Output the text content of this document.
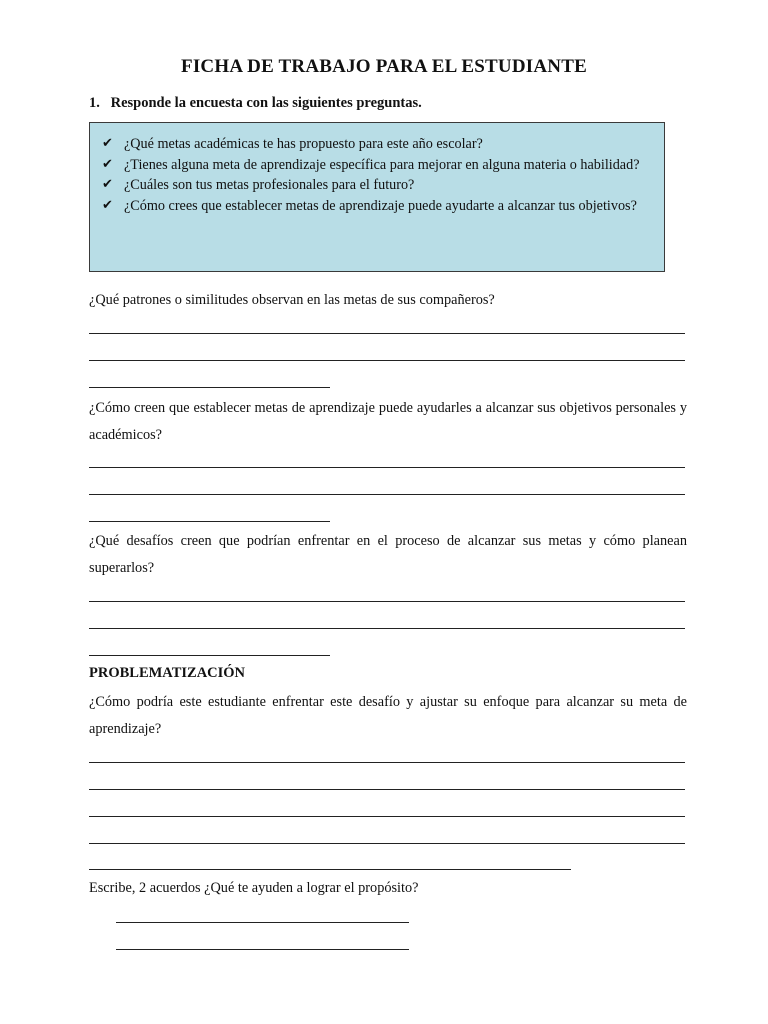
FICHA DE TRABAJO PARA EL ESTUDIANTE
1. Responde la encuesta con las siguientes preguntas.
✔ ¿Qué metas académicas te has propuesto para este año escolar?
✔ ¿Tienes alguna meta de aprendizaje específica para mejorar en alguna materia o habilidad?
✔ ¿Cuáles son tus metas profesionales para el futuro?
✔ ¿Cómo crees que establecer metas de aprendizaje puede ayudarte a alcanzar tus objetivos?
¿Qué patrones o similitudes observan en las metas de sus compañeros?
¿Cómo creen que establecer metas de aprendizaje puede ayudarles a alcanzar sus objetivos personales y académicos?
¿Qué desafíos creen que podrían enfrentar en el proceso de alcanzar sus metas y cómo planean superarlos?
PROBLEMATIZACIÓN
¿Cómo podría este estudiante enfrentar este desafío y ajustar su enfoque para alcanzar su meta de aprendizaje?
Escribe, 2 acuerdos ¿Qué te ayuden a lograr el propósito?
